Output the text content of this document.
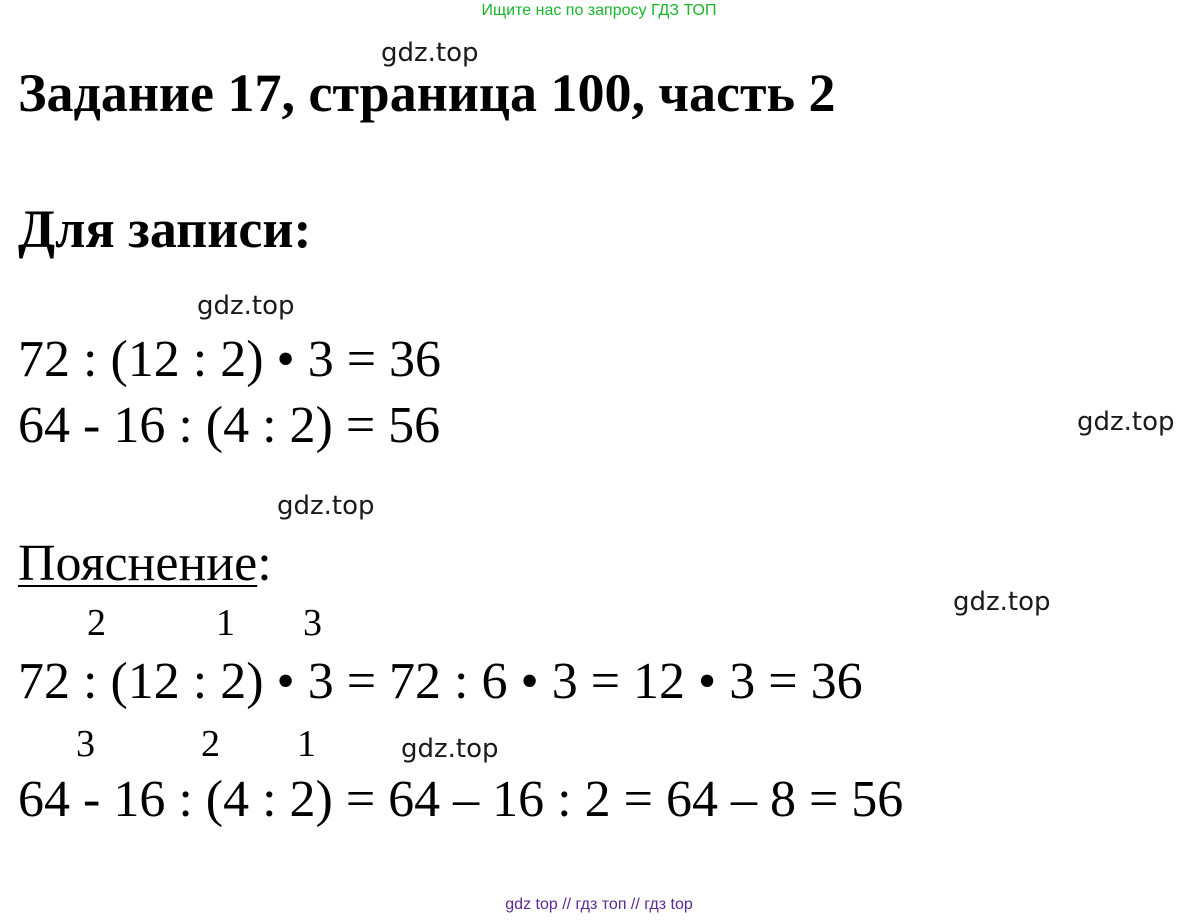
Ищите нас по запросу ГДЗ ТОП
gdz.top
Задание 17, страница 100, часть 2
Для записи:
gdz.top
72 : (12 : 2) • 3 = 36
64 - 16 : (4 : 2) = 56	gdz.top
gdz.top
Пояснение:
gdz.top
2	1 3
72 : (12 : 2) • 3 = 72 : 6 • 3 = 12 • 3 = 36
3	2 1	gdz.top
64 - 16 : (4 : 2) = 64 – 16 : 2 = 64 – 8 = 56
gdz top // гдз топ // гдз top
